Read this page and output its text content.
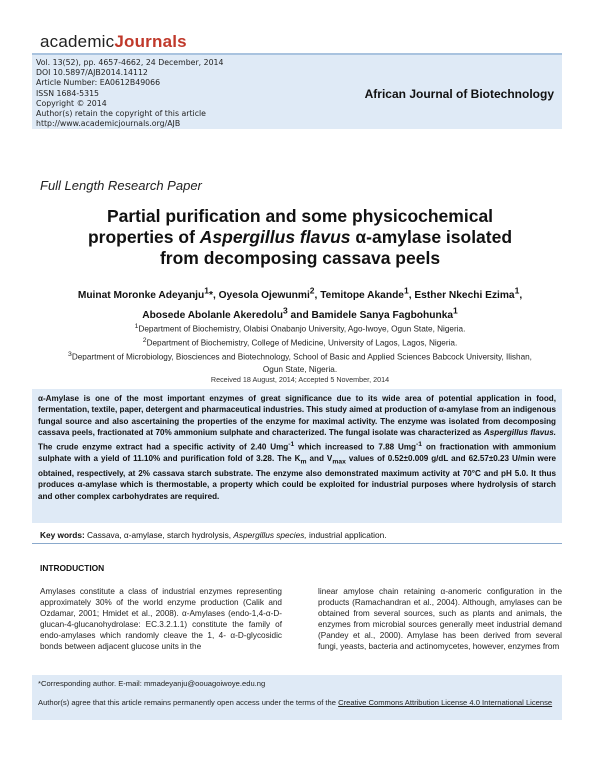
academicJournals
Vol. 13(52), pp. 4657-4662, 24 December, 2014
DOI 10.5897/AJB2014.14112
Article Number: EA0612B49066
ISSN 1684-5315
Copyright © 2014
Author(s) retain the copyright of this article
http://www.academicjournals.org/AJB
African Journal of Biotechnology
Full Length Research Paper
Partial purification and some physicochemical
properties of Aspergillus flavus α-amylase isolated
from decomposing cassava peels
Muinat Moronke Adeyanju$^1$*, Oyesola Ojewunmi$^2$, Temitope Akande$^1$, Esther Nkechi Ezima$^1$,
Abosede Abolanle Akeredolu$^3$ and Bamidele Sanya Fagbohunka$^1$
$^1$Department of Biochemistry, Olabisi Onabanjo University, Ago-Iwoye, Ogun State, Nigeria.
$^2$Department of Biochemistry, College of Medicine, University of Lagos, Lagos, Nigeria.
$^3$Department of Microbiology, Biosciences and Biotechnology, School of Basic and Applied Sciences Babcock University, Ilishan, Ogun State, Nigeria.
Received 18 August, 2014; Accepted 5 November, 2014
α-Amylase is one of the most important enzymes of great significance due to its wide area of potential application in food, fermentation, textile, paper, detergent and pharmaceutical industries. This study aimed at production of α-amylase from an indigenous fungal source and also ascertaining the properties of the enzyme for maximal activity. The enzyme was isolated from decomposing cassava peels, fractionated at 70% ammonium sulphate and characterized. The fungal isolate was characterized as Aspergillus flavus. The crude enzyme extract had a specific activity of 2.40 Umg$^{-1}$ which increased to 7.88 Umg$^{-1}$ on fractionation with ammonium sulphate with a yield of 11.10% and purification fold of 3.28. The $K_m$ and $V_{max}$ values of 0.52±0.009 g/dL and 62.57±0.23 U/min were obtained, respectively, at 2% cassava starch substrate. The enzyme also demonstrated maximum activity at 70°C and pH 5.0. It thus produces α-amylase which is thermostable, a property which could be exploited for industrial purposes where hydrolysis of starch and other complex carbohydrates are required.
Key words: Cassava, α-amylase, starch hydrolysis, Aspergillus species, industrial application.
INTRODUCTION
Amylases constitute a class of industrial enzymes representing approximately 30% of the world enzyme production (Calik and Ozdamar, 2001; Hmidet et al., 2008). α-Amylases (endo-1,4-α-D-glucan-4-glucanohydrolase: EC.3.2.1.1) constitute the family of endo-amylases which randomly cleave the 1, 4- α-D-glycosidic bonds between adjacent glucose units in the
linear amylose chain retaining α-anomeric configuration in the products (Ramachandran et al., 2004). Although, amylases can be obtained from several sources, such as plants and animals, the enzymes from microbial sources generally meet industrial demand (Pandey et al., 2000). Amylase has been derived from several fungi, yeasts, bacteria and actinomycetes, however, enzymes from
*Corresponding author. E-mail: mmadeyanju@oouagoiwoye.edu.ng
Author(s) agree that this article remains permanently open access under the terms of the Creative Commons Attribution License 4.0 International License
